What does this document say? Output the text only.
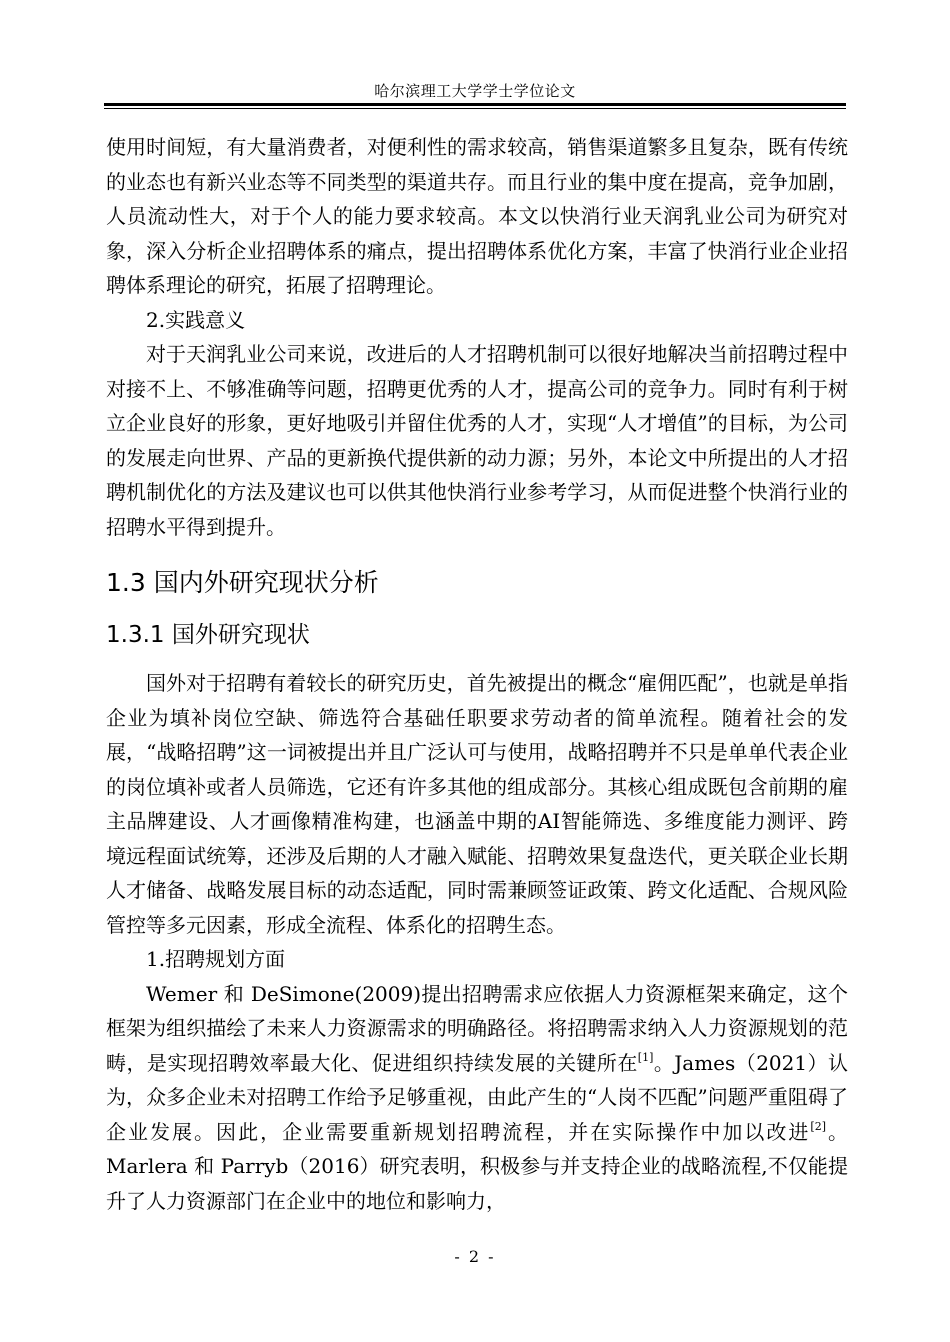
哈尔滨理工大学学士学位论文

使用时间短，有大量消费者，对便利性的需求较高，销售渠道繁多且复杂，既有传统的业态也有新兴业态等不同类型的渠道共存。而且行业的集中度在提高，竞争加剧，人员流动性大，对于个人的能力要求较高。本文以快消行业天润乳业公司为研究对象，深入分析企业招聘体系的痛点，提出招聘体系优化方案，丰富了快消行业企业招聘体系理论的研究，拓展了招聘理论。

2.实践意义

对于天润乳业公司来说，改进后的人才招聘机制可以很好地解决当前招聘过程中对接不上、不够准确等问题，招聘更优秀的人才，提高公司的竞争力。同时有利于树立企业良好的形象，更好地吸引并留住优秀的人才，实现“人才增值”的目标，为公司的发展走向世界、产品的更新换代提供新的动力源；另外，本论文中所提出的人才招聘机制优化的方法及建议也可以供其他快消行业参考学习，从而促进整个快消行业的招聘水平得到提升。

1.3 国内外研究现状分析
1.3.1 国外研究现状

国外对于招聘有着较长的研究历史，首先被提出的概念“雇佣匹配”，也就是单指企业为填补岗位空缺、筛选符合基础任职要求劳动者的简单流程。随着社会的发展，“战略招聘”这一词被提出并且广泛认可与使用，战略招聘并不只是单单代表企业的岗位填补或者人员筛选，它还有许多其他的组成部分。其核心组成既包含前期的雇主品牌建设、人才画像精准构建，也涵盖中期的AI智能筛选、多维度能力测评、跨境远程面试统筹，还涉及后期的人才融入赋能、招聘效果复盘迭代，更关联企业长期人才储备、战略发展目标的动态适配，同时需兼顾签证政策、跨文化适配、合规风险管控等多元因素，形成全流程、体系化的招聘生态。

1.招聘规划方面

Wemer 和 DeSimone(2009)提出招聘需求应依据人力资源框架来确定，这个框架为组织描绘了未来人力资源需求的明确路径。将招聘需求纳入人力资源规划的范畴，是实现招聘效率最大化、促进组织持续发展的关键所在[1]。James（2021）认为，众多企业未对招聘工作给予足够重视，由此产生的“人岗不匹配”问题严重阻碍了企业发展。因此，企业需要重新规划招聘流程，并在实际操作中加以改进[2]。Marlera 和 Parryb（2016）研究表明，积极参与并支持企业的战略流程,不仅能提升了人力资源部门在企业中的地位和影响力，

- 2 -
